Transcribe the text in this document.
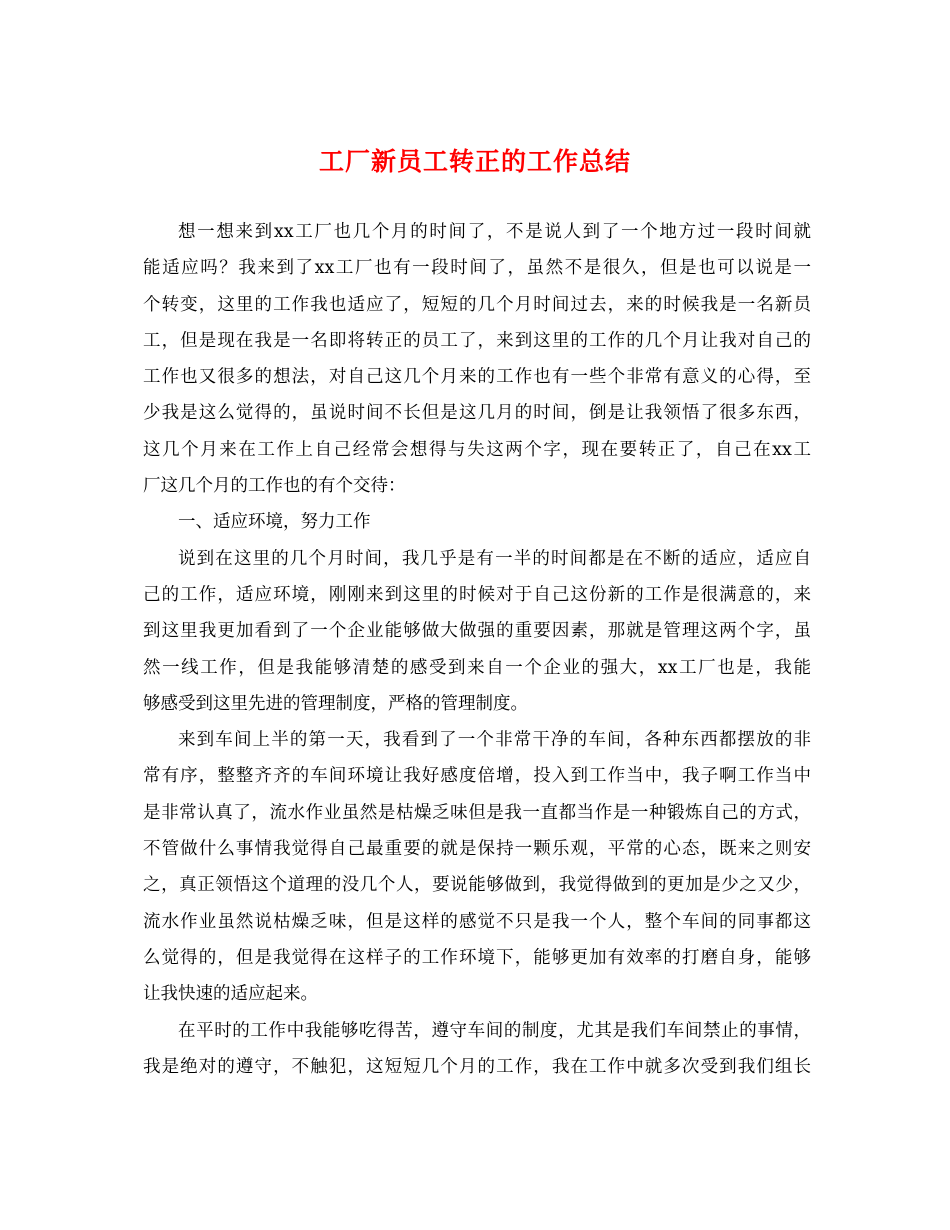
工厂新员工转正的工作总结
想一想来到xx工厂也几个月的时间了，不是说人到了一个地方过一段时间就
能适应吗？我来到了xx工厂也有一段时间了，虽然不是很久，但是也可以说是一
个转变，这里的工作我也适应了，短短的几个月时间过去，来的时候我是一名新员
工，但是现在我是一名即将转正的员工了，来到这里的工作的几个月让我对自己的
工作也又很多的想法，对自己这几个月来的工作也有一些个非常有意义的心得，至
少我是这么觉得的，虽说时间不长但是这几月的时间，倒是让我领悟了很多东西，
这几个月来在工作上自己经常会想得与失这两个字，现在要转正了，自己在xx工
厂这几个月的工作也的有个交待：
一、适应环境，努力工作
说到在这里的几个月时间，我几乎是有一半的时间都是在不断的适应，适应自
己的工作，适应环境，刚刚来到这里的时候对于自己这份新的工作是很满意的，来
到这里我更加看到了一个企业能够做大做强的重要因素，那就是管理这两个字，虽
然一线工作，但是我能够清楚的感受到来自一个企业的强大，xx工厂也是，我能
够感受到这里先进的管理制度，严格的管理制度。
来到车间上半的第一天，我看到了一个非常干净的车间，各种东西都摆放的非
常有序，整整齐齐的车间环境让我好感度倍增，投入到工作当中，我子啊工作当中
是非常认真了，流水作业虽然是枯燥乏味但是我一直都当作是一种锻炼自己的方式，
不管做什么事情我觉得自己最重要的就是保持一颗乐观，平常的心态，既来之则安
之，真正领悟这个道理的没几个人，要说能够做到，我觉得做到的更加是少之又少，
流水作业虽然说枯燥乏味，但是这样的感觉不只是我一个人，整个车间的同事都这
么觉得的，但是我觉得在这样子的工作环境下，能够更加有效率的打磨自身，能够
让我快速的适应起来。
在平时的工作中我能够吃得苦，遵守车间的制度，尤其是我们车间禁止的事情，
我是绝对的遵守，不触犯，这短短几个月的工作，我在工作中就多次受到我们组长
